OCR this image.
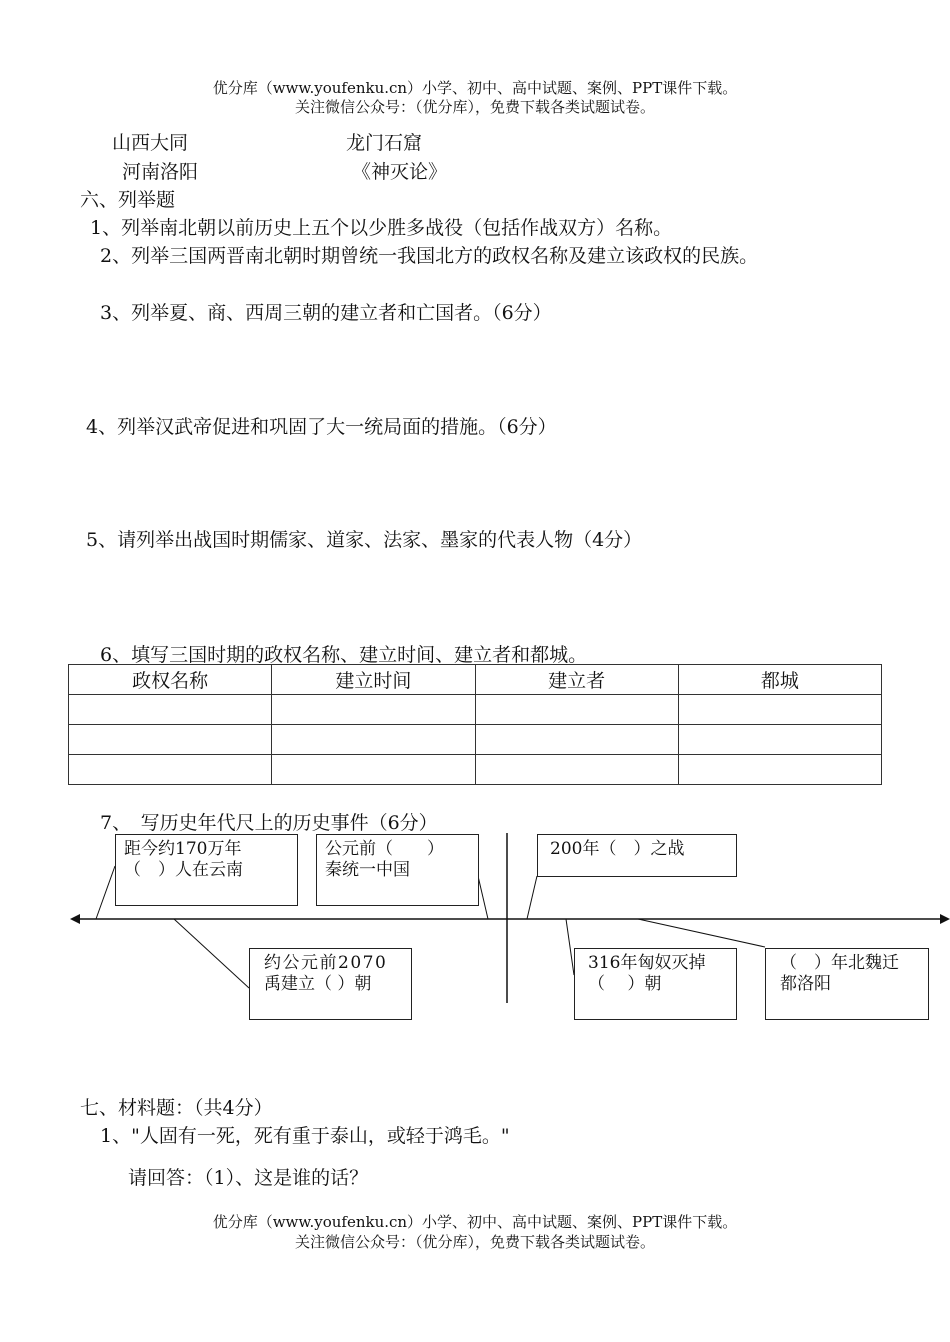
优分库（www.youfenku.cn）小学、初中、高中试题、案例、PPT课件下载。
关注微信公众号：（优分库），免费下载各类试题试卷。
山西大同	龙门石窟
河南洛阳	《神灭论》
六、列举题
1、列举南北朝以前历史上五个以少胜多战役（包括作战双方）名称。
2、列举三国两晋南北朝时期曾统一我国北方的政权名称及建立该政权的民族。
3、列举夏、商、西周三朝的建立者和亡国者。（6分）
4、列举汉武帝促进和巩固了大一统局面的措施。（6分）
5、请列举出战国时期儒家、道家、法家、墨家的代表人物（4分）
6、填写三国时期的政权名称、建立时间、建立者和都城。
政权名称	建立时间	建立者	都城

7、　写历史年代尺上的历史事件（6分）
距今约170万年
（　）人在云南
公元前（　　）
秦统一中国
200年（　）之战
约公元前2070
禹建立（ ）朝
316年匈奴灭掉
（　 ）朝
（　）年北魏迁
都洛阳
七、材料题：（共4分）
1、"人固有一死，死有重于泰山，或轻于鸿毛。"
请回答：（1）、这是谁的话？
优分库（www.youfenku.cn）小学、初中、高中试题、案例、PPT课件下载。
关注微信公众号：（优分库），免费下载各类试题试卷。
